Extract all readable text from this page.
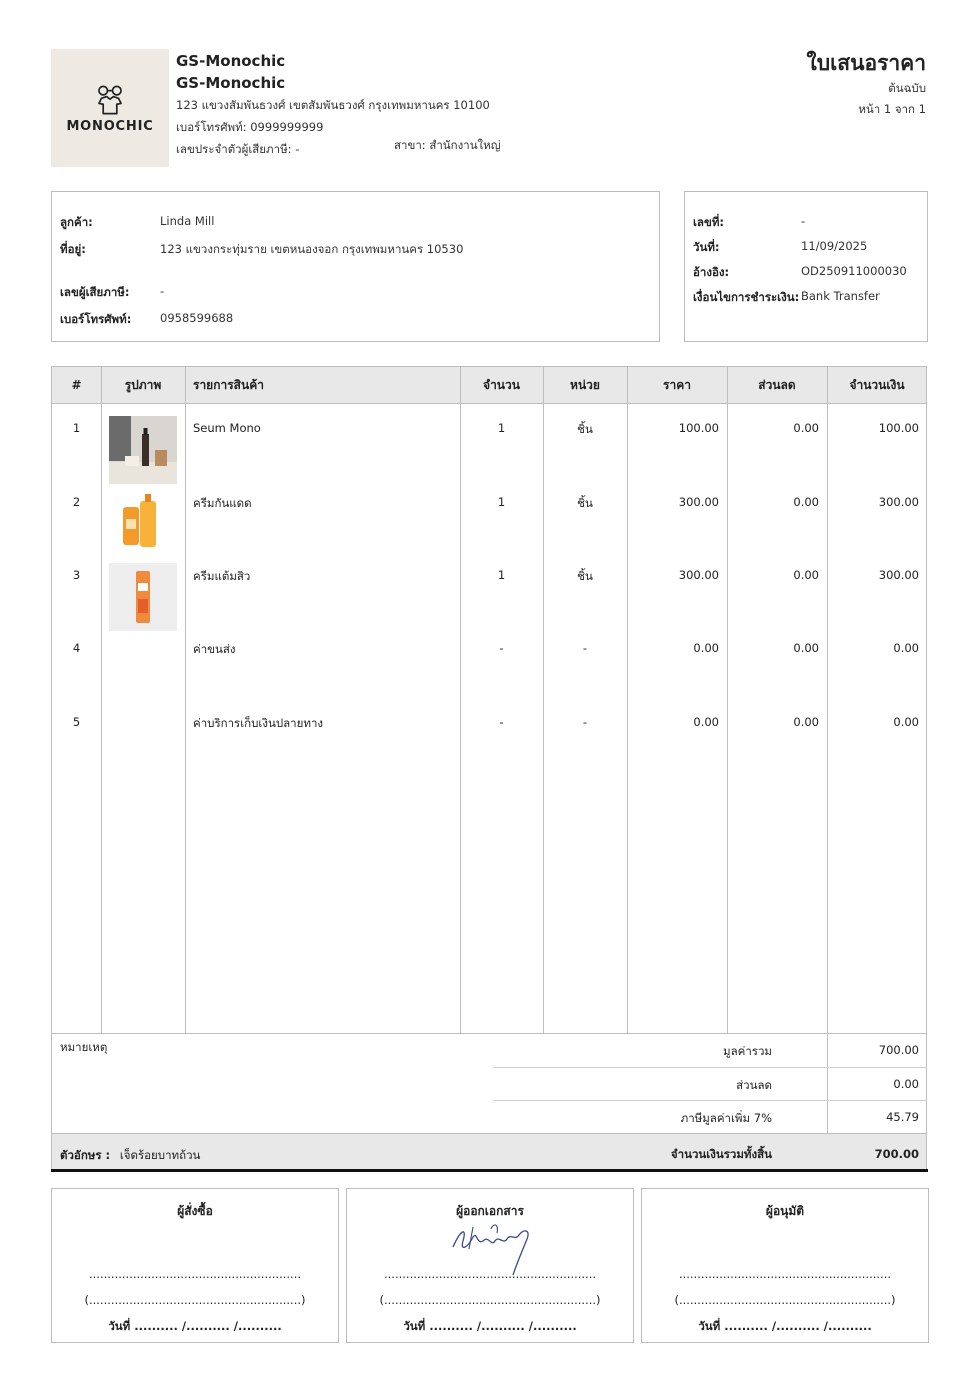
MONOCHIC
GS-Monochic
GS-Monochic
123 แขวงสัมพันธวงศ์ เขตสัมพันธวงศ์ กรุงเทพมหานคร 10100
เบอร์โทรศัพท์: 0999999999
เลขประจำตัวผู้เสียภาษี: -	สาขา: สำนักงานใหญ่
ใบเสนอราคา
ต้นฉบับ
หน้า 1 จาก 1
ลูกค้า:	Linda Mill
ที่อยู่:	123 แขวงกระทุ่มราย เขตหนองจอก กรุงเทพมหานคร 10530
เลขผู้เสียภาษี:	-
เบอร์โทรศัพท์: 0958599688
เลขที่:	-
วันที่:	11/09/2025
อ้างอิง:	OD250911000030
เงื่อนไขการชำระเงิน: Bank Transfer
#	รูปภาพ	รายการสินค้า	จำนวน	หน่วย	ราคา	ส่วนลด	จำนวนเงิน
1	Seum Mono	1	ชิ้น	100.00	0.00	100.00
2	ครีมกันแดด	1	ชิ้น	300.00	0.00	300.00
3	ครีมแต้มสิว	1	ชิ้น	300.00	0.00	300.00
4	ค่าขนส่ง	-	-	0.00	0.00	0.00
5	ค่าบริการเก็บเงินปลายทาง	-	-	0.00	0.00	0.00
หมายเหตุ	มูลค่ารวม	700.00
ส่วนลด	0.00
ภาษีมูลค่าเพิ่ม 7%	45.79
ตัวอักษร : เจ็ดร้อยบาทถ้วน	จำนวนเงินรวมทั้งสิ้น	700.00
ผู้สั่งซื้อ
..........................................................
(..........................................................)
วันที่ .......... /.......... /..........
ผู้ออกเอกสาร
..........................................................
(..........................................................)
วันที่ .......... /.......... /..........
ผู้อนุมัติ
..........................................................
(..........................................................)
วันที่ .......... /.......... /..........
